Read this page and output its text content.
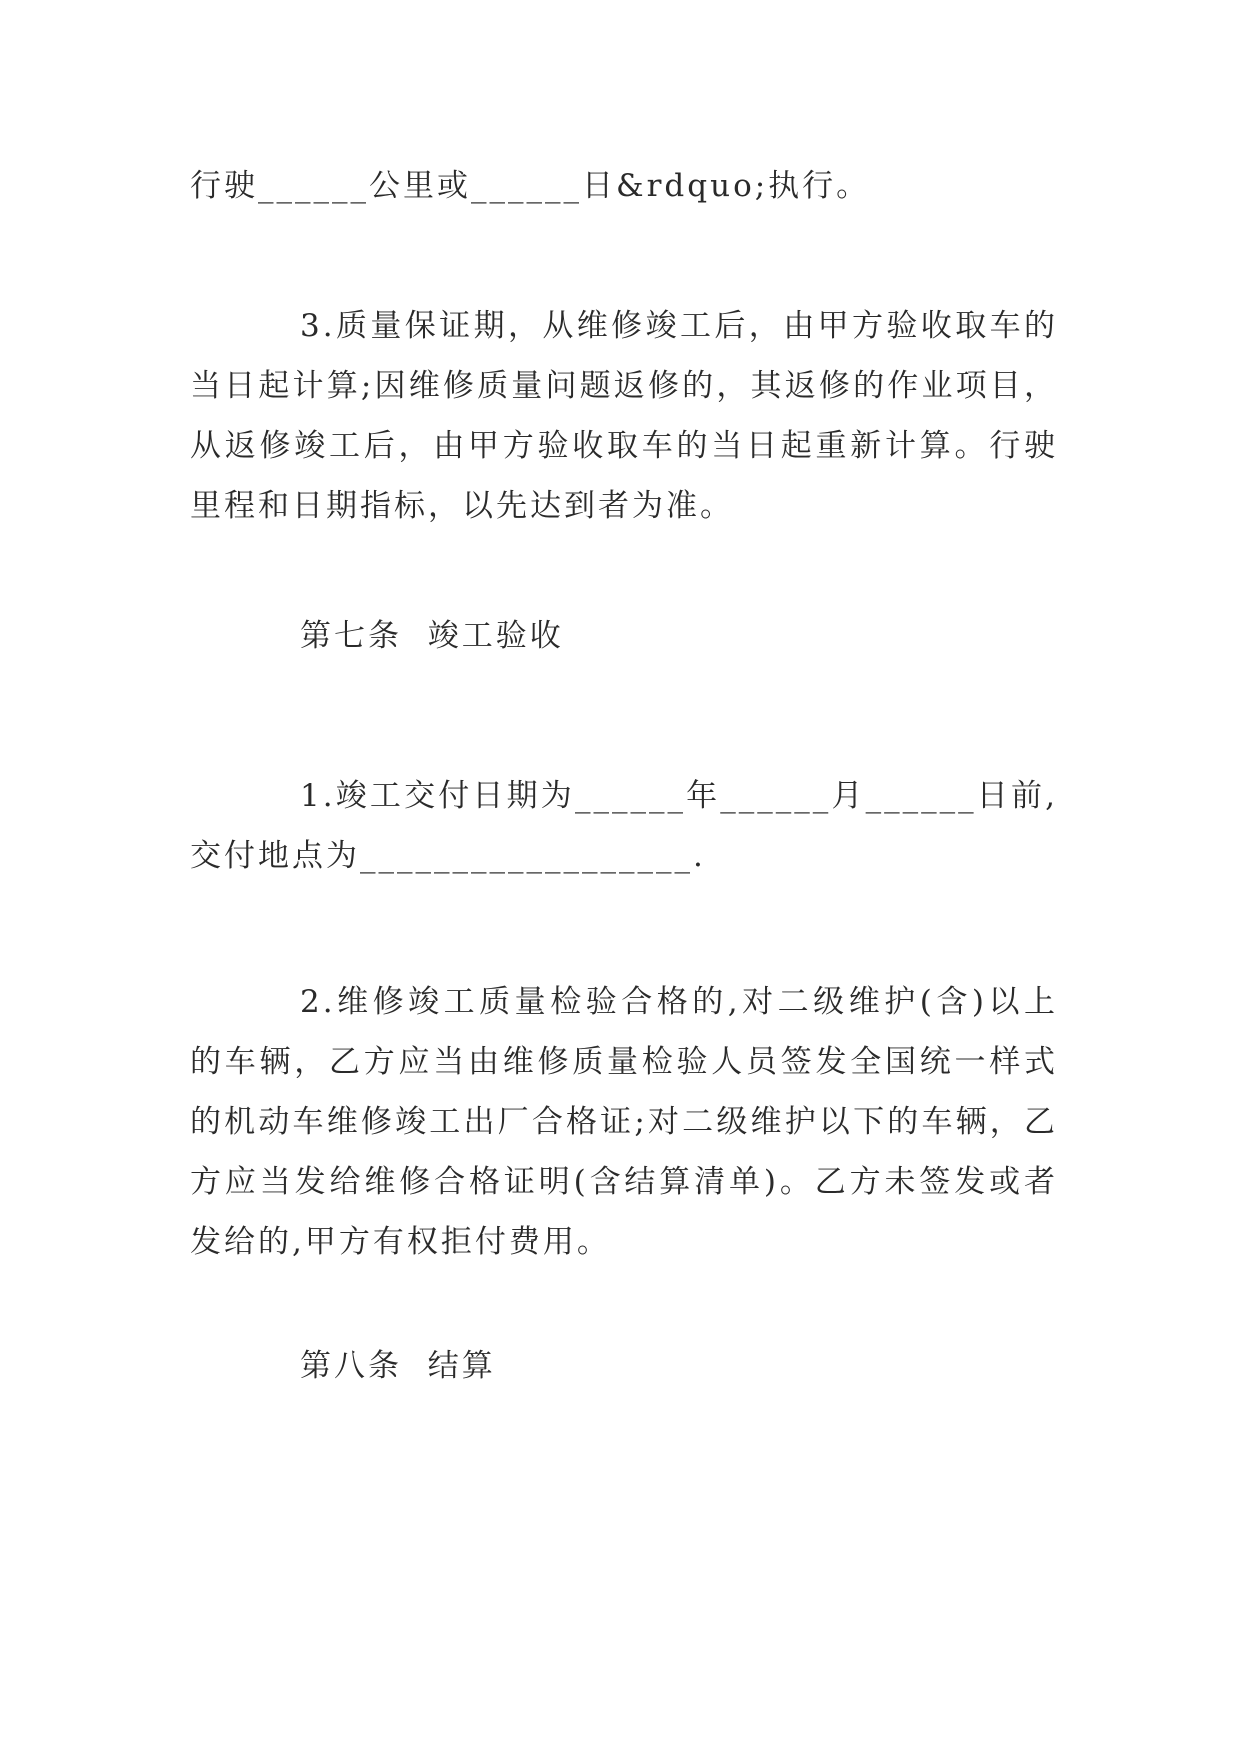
行驶______公里或______日&rdquo;执行。

3.质量保证期，从维修竣工后，由甲方验收取车的当日起计算;因维修质量问题返修的，其返修的作业项目，从返修竣工后，由甲方验收取车的当日起重新计算。行驶里程和日期指标，以先达到者为准。

第七条  竣工验收

1.竣工交付日期为______年______月______日前,交付地点为__________________.

2.维修竣工质量检验合格的,对二级维护(含)以上的车辆，乙方应当由维修质量检验人员签发全国统一样式的机动车维修竣工出厂合格证;对二级维护以下的车辆，乙方应当发给维修合格证明(含结算清单)。乙方未签发或者发给的,甲方有权拒付费用。

第八条  结算
